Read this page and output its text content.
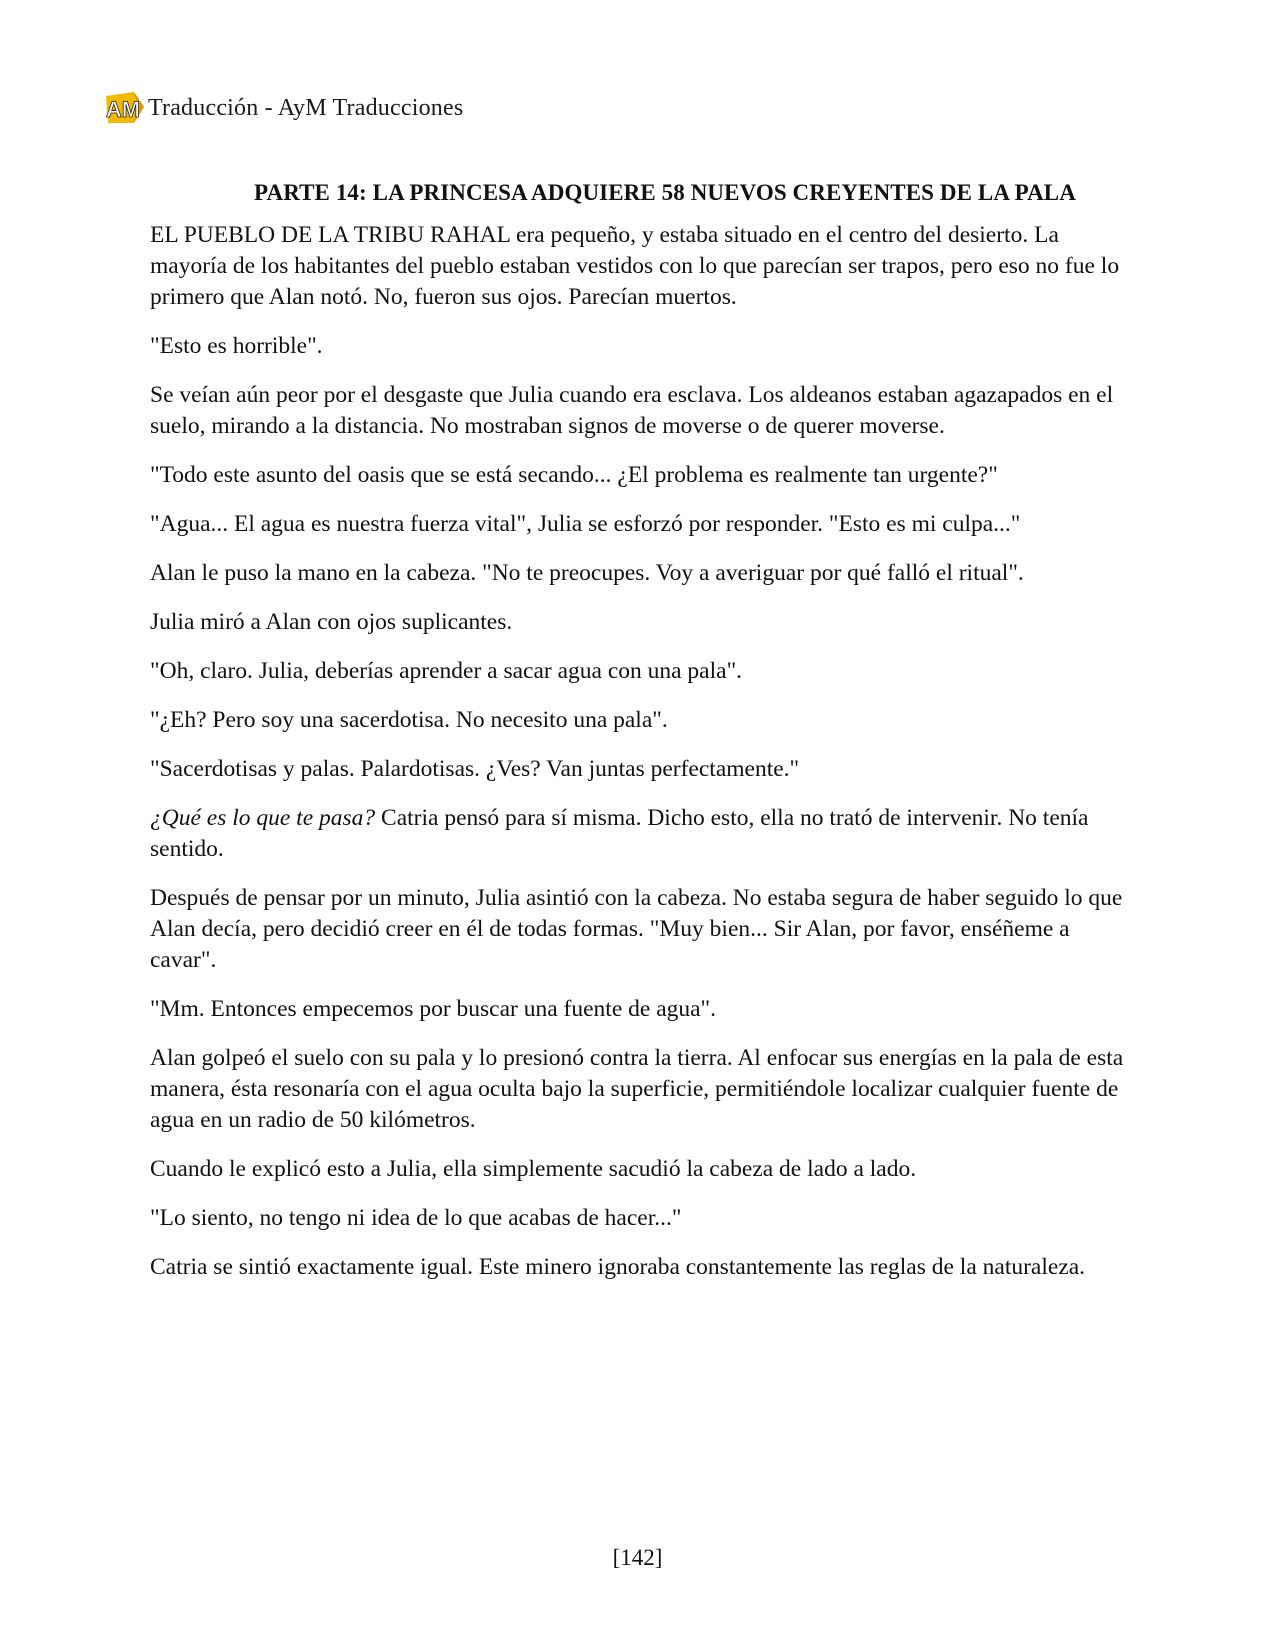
AM Traducción - AyM Traducciones
PARTE 14: LA PRINCESA ADQUIERE 58 NUEVOS CREYENTES DE LA PALA

EL PUEBLO DE LA TRIBU RAHAL era pequeño, y estaba situado en el centro del desierto. La mayoría de los habitantes del pueblo estaban vestidos con lo que parecían ser trapos, pero eso no fue lo primero que Alan notó. No, fueron sus ojos. Parecían muertos.

"Esto es horrible".

Se veían aún peor por el desgaste que Julia cuando era esclava. Los aldeanos estaban agazapados en el suelo, mirando a la distancia. No mostraban signos de moverse o de querer moverse.

"Todo este asunto del oasis que se está secando... ¿El problema es realmente tan urgente?"

"Agua... El agua es nuestra fuerza vital", Julia se esforzó por responder. "Esto es mi culpa..."

Alan le puso la mano en la cabeza. "No te preocupes. Voy a averiguar por qué falló el ritual".

Julia miró a Alan con ojos suplicantes.

"Oh, claro. Julia, deberías aprender a sacar agua con una pala".

"¿Eh? Pero soy una sacerdotisa. No necesito una pala".

"Sacerdotisas y palas. Palardotisas. ¿Ves? Van juntas perfectamente."

¿Qué es lo que te pasa? Catria pensó para sí misma. Dicho esto, ella no trató de intervenir. No tenía sentido.

Después de pensar por un minuto, Julia asintió con la cabeza. No estaba segura de haber seguido lo que Alan decía, pero decidió creer en él de todas formas. "Muy bien... Sir Alan, por favor, enséñeme a cavar".

"Mm. Entonces empecemos por buscar una fuente de agua".

Alan golpeó el suelo con su pala y lo presionó contra la tierra. Al enfocar sus energías en la pala de esta manera, ésta resonaría con el agua oculta bajo la superficie, permitiéndole localizar cualquier fuente de agua en un radio de 50 kilómetros.

Cuando le explicó esto a Julia, ella simplemente sacudió la cabeza de lado a lado.

"Lo siento, no tengo ni idea de lo que acabas de hacer..."

Catria se sintió exactamente igual. Este minero ignoraba constantemente las reglas de la naturaleza.

[142]
